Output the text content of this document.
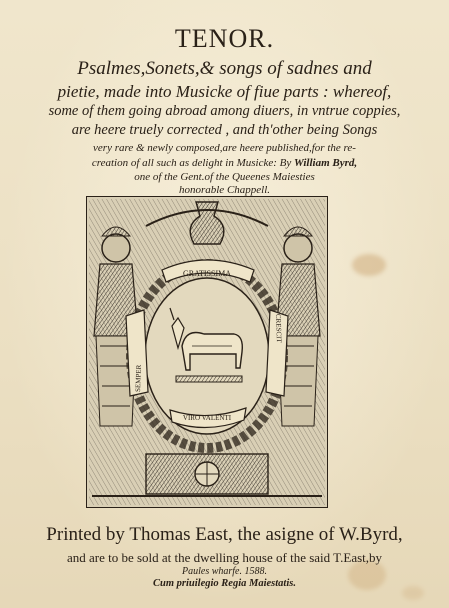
TENOR.
Psalmes,Sonets,& songs of sadnes and
pietie, made into Musicke of fiue parts : whereof,
some of them going abroad among diuers, in vntrue coppies,
are heere truely corrected , and th'other being Songs
very rare & newly composed,are heere published,for the re-
creation of all such as delight in Musicke: By William Byrd,
one of the Gent.of the Queenes Maiesties
honorable Chappell.
GRATISSIMA
SEMPER
CRESCIT
VIRO VALENTI
Printed by Thomas East, the asigne of W.Byrd,
and are to be sold at the dwelling house of the said T.East,by
Paules wharfe. 1588.
Cum priuilegio Regia Maiestatis.
